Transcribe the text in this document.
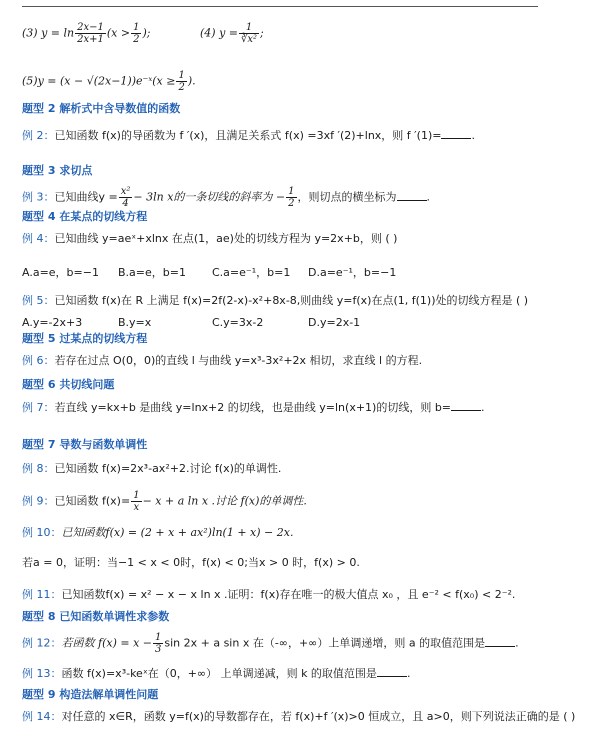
(3) $y = \ln \frac{2x-1}{2x+1} (x > \frac{1}{2}$ );	(4) $y = \frac{1}{\text{∛x²}}$ ;
(5)y = (x − √(2x−1))e⁻ˣ(x ≥ $\frac{1}{2}$ ).
题型 2 解析式中含导数值的函数
例 2：已知函数 f(x)的导函数为 f ′(x)，且满足关系式 f(x) =3xf ′(2)+lnx，则 f ′(1)=	.
题型 3 求切点
例 3：已知曲线$y = \frac{\text{x²}}{4} - 3\ln$ x的一条切线的斜率为 − $\frac{1}{2}$ ，则切点的横坐标为	.
题型 4 在某点的切线方程
例 4：已知曲线 y=aeˣ+xlnx 在点(1，ae)处的切线方程为 y=2x+b，则 ( )
A.a=e，b=−1 B.a=e，b=1 C.a=e⁻¹，b=1 D.a=e⁻¹，b=−1
例 5：已知函数 f(x)在 R 上满足 f(x)=2f(2-x)-x²+8x-8,则曲线 y=f(x)在点(1, f(1))处的切线方程是 ( )
A.y=-2x+3	B.y=x	C.y=3x-2	D.y=2x-1
题型 5 过某点的切线方程
例 6：若存在过点 O(0，0)的直线 l 与曲线 y=x³-3x²+2x 相切，求直线 l 的方程.
题型 6 共切线问题
例 7：若直线 y=kx+b 是曲线 y=lnx+2 的切线，也是曲线 y=ln(x+1)的切线，则 b=	.
题型 7 导数与函数单调性
例 8：已知函数 f(x)=2x³-ax²+2.讨论 f(x)的单调性.
例 9：已知函数 $f(x)= \frac{1}{x} - x + a$ ln x .讨论 f(x)的单调性.
例 10：已知函数f(x) = (2 + x + ax²)ln(1 + x) − 2x.
若a = 0，证明：当−1 < x < 0时，f(x) < 0;当x > 0 时，f(x) > 0.
例 11：已知函数f(x) = x² − x − x ln x .证明：f(x)存在唯一的极大值点 x₀ ，且 e⁻² < f(x₀) < 2⁻².
题型 8 已知函数单调性求参数
例 12：若函数 $f(x) = x - \frac{1}{3}$ sin 2x + a sin x 在（-∞，+∞）上单调递增，则 a 的取值范围是	.
例 13：函数 f(x)=x³-keˣ在（0，+∞） 上单调递减，则 k 的取值范围是	.
题型 9 构造法解单调性问题
例 14：对任意的 x∈R，函数 y=f(x)的导数都存在，若 f(x)+f ′(x)>0 恒成立，且 a>0，则下列说法正确的是 ( )
